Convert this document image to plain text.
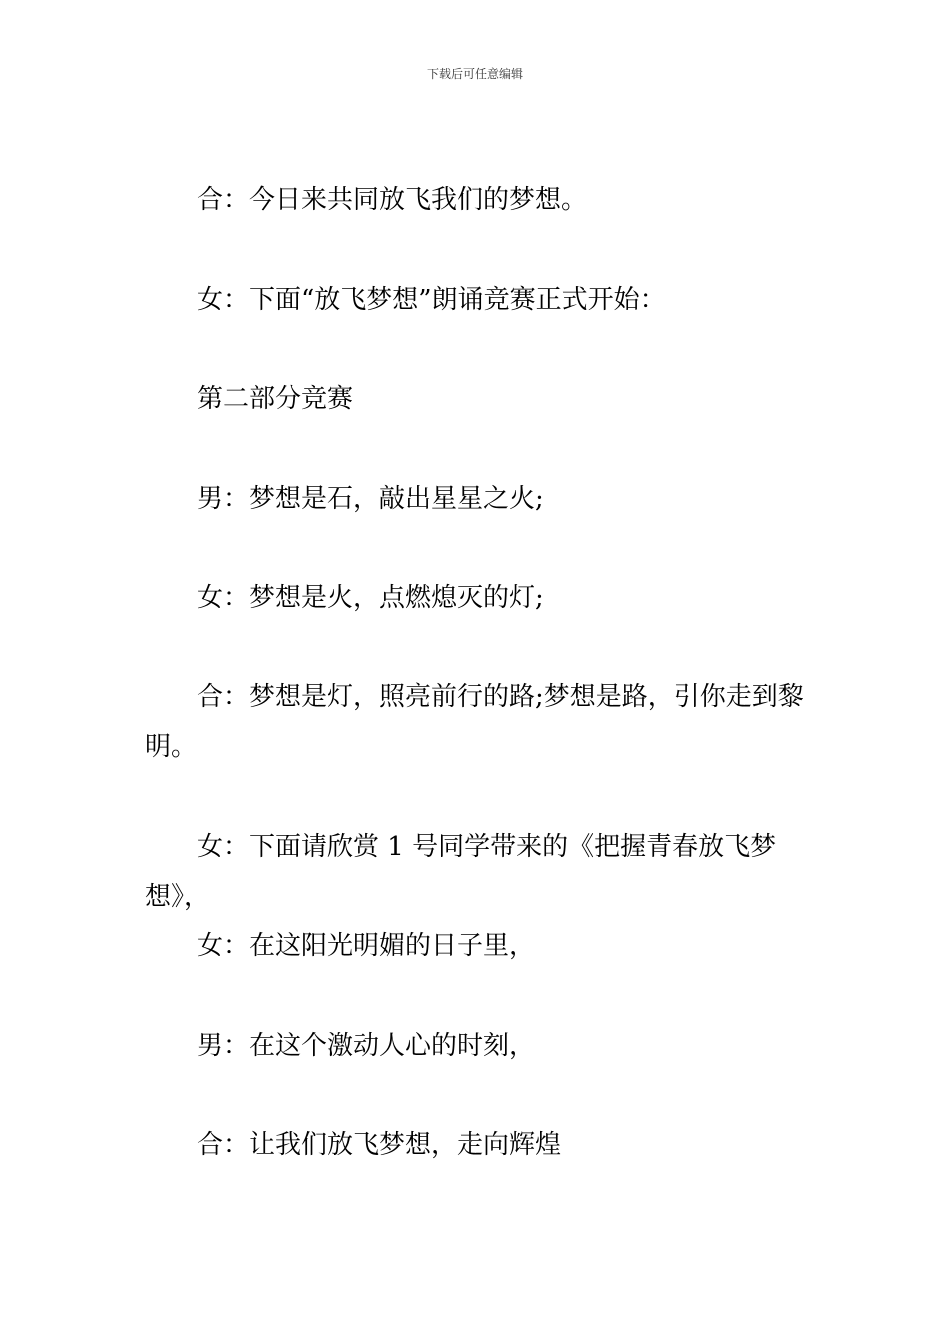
下载后可任意编辑

合：今日来共同放飞我们的梦想。

女：下面“放飞梦想”朗诵竞赛正式开始：

第二部分竞赛

男：梦想是石，敲出星星之火;

女：梦想是火，点燃熄灭的灯;

合：梦想是灯，照亮前行的路;梦想是路，引你走到黎明。

女：下面请欣赏 1 号同学带来的《把握青春放飞梦想》，

女：在这阳光明媚的日子里，

男：在这个激动人心的时刻，

合：让我们放飞梦想，走向辉煌
